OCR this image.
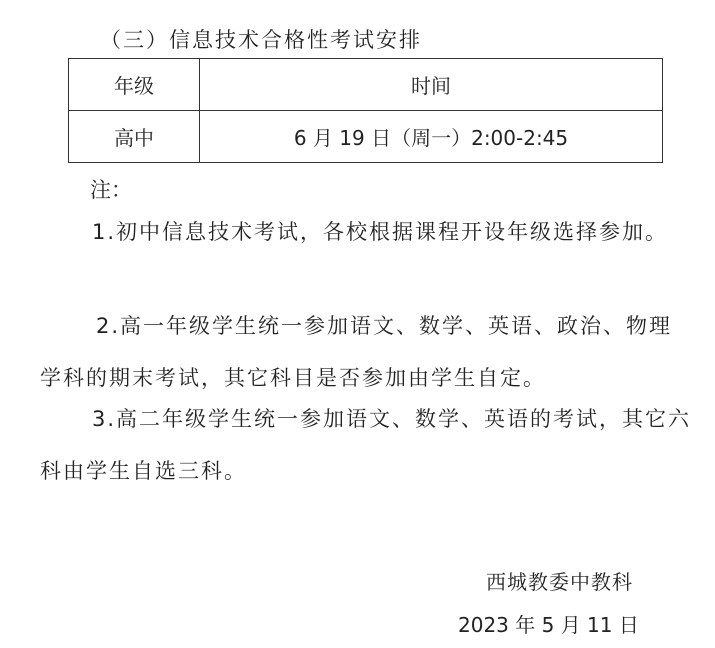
（三）信息技术合格性考试安排
年级	时间
高中	6 月 19 日（周一）2:00-2:45
注：

1.初中信息技术考试，各校根据课程开设年级选择参加。

2.高一年级学生统一参加语文、数学、英语、政治、物理学科的期末考试，其它科目是否参加由学生自定。

3.高二年级学生统一参加语文、数学、英语的考试，其它六科由学生自选三科。

西城教委中教科
2023 年 5 月 11 日
